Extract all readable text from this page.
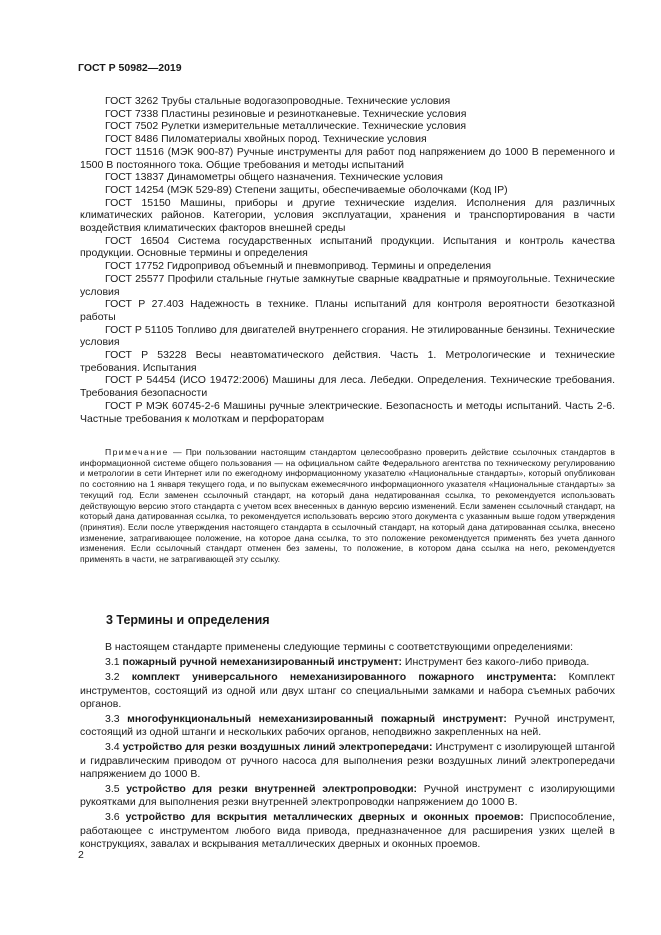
ГОСТ Р 50982—2019

ГОСТ 3262 Трубы стальные водогазопроводные. Технические условия

ГОСТ 7338 Пластины резиновые и резинотканевые. Технические условия

ГОСТ 7502 Рулетки измерительные металлические. Технические условия

ГОСТ 8486 Пиломатериалы хвойных пород. Технические условия

ГОСТ 11516 (МЭК 900-87) Ручные инструменты для работ под напряжением до 1000 В переменного и 1500 В постоянного тока. Общие требования и методы испытаний

ГОСТ 13837 Динамометры общего назначения. Технические условия

ГОСТ 14254 (МЭК 529-89) Степени защиты, обеспечиваемые оболочками (Код IP)

ГОСТ 15150 Машины, приборы и другие технические изделия. Исполнения для различных климатических районов. Категории, условия эксплуатации, хранения и транспортирования в части воздействия климатических факторов внешней среды

ГОСТ 16504 Система государственных испытаний продукции. Испытания и контроль качества продукции. Основные термины и определения

ГОСТ 17752 Гидропривод объемный и пневмопривод. Термины и определения

ГОСТ 25577 Профили стальные гнутые замкнутые сварные квадратные и прямоугольные. Технические условия

ГОСТ Р 27.403 Надежность в технике. Планы испытаний для контроля вероятности безотказной работы

ГОСТ Р 51105 Топливо для двигателей внутреннего сгорания. Не этилированные бензины. Технические условия

ГОСТ Р 53228 Весы неавтоматического действия. Часть 1. Метрологические и технические требования. Испытания

ГОСТ Р 54454 (ИСО 19472:2006) Машины для леса. Лебедки. Определения. Технические требования. Требования безопасности

ГОСТ Р МЭК 60745-2-6 Машины ручные электрические. Безопасность и методы испытаний. Часть 2-6. Частные требования к молоткам и перфораторам

Примечание — При пользовании настоящим стандартом целесообразно проверить действие ссылочных стандартов в информационной системе общего пользования — на официальном сайте Федерального агентства по техническому регулированию и метрологии в сети Интернет или по ежегодному информационному указателю «Национальные стандарты», который опубликован по состоянию на 1 января текущего года, и по выпускам ежемесячного информационного указателя «Национальные стандарты» за текущий год. Если заменен ссылочный стандарт, на который дана недатированная ссылка, то рекомендуется использовать действующую версию этого стандарта с учетом всех внесенных в данную версию изменений. Если заменен ссылочный стандарт, на который дана датированная ссылка, то рекомендуется использовать версию этого документа с указанным выше годом утверждения (принятия). Если после утверждения настоящего стандарта в ссылочный стандарт, на который дана датированная ссылка, внесено изменение, затрагивающее положение, на которое дана ссылка, то это положение рекомендуется применять без учета данного изменения. Если ссылочный стандарт отменен без замены, то положение, в котором дана ссылка на него, рекомендуется применять в части, не затрагивающей эту ссылку.

3 Термины и определения

В настоящем стандарте применены следующие термины с соответствующими определениями:

3.1 пожарный ручной немеханизированный инструмент: Инструмент без какого-либо привода.

3.2 комплект универсального немеханизированного пожарного инструмента: Комплект инструментов, состоящий из одной или двух штанг со специальными замками и набора съемных рабочих органов.

3.3 многофункциональный немеханизированный пожарный инструмент: Ручной инструмент, состоящий из одной штанги и нескольких рабочих органов, неподвижно закрепленных на ней.

3.4 устройство для резки воздушных линий электропередачи: Инструмент с изолирующей штангой и гидравлическим приводом от ручного насоса для выполнения резки воздушных линий электропередачи напряжением до 1000 В.

3.5 устройство для резки внутренней электропроводки: Ручной инструмент с изолирующими рукоятками для выполнения резки внутренней электропроводки напряжением до 1000 В.

3.6 устройство для вскрытия металлических дверных и оконных проемов: Приспособление, работающее с инструментом любого вида привода, предназначенное для расширения узких щелей в конструкциях, завалах и вскрывания металлических дверных и оконных проемов.

2
